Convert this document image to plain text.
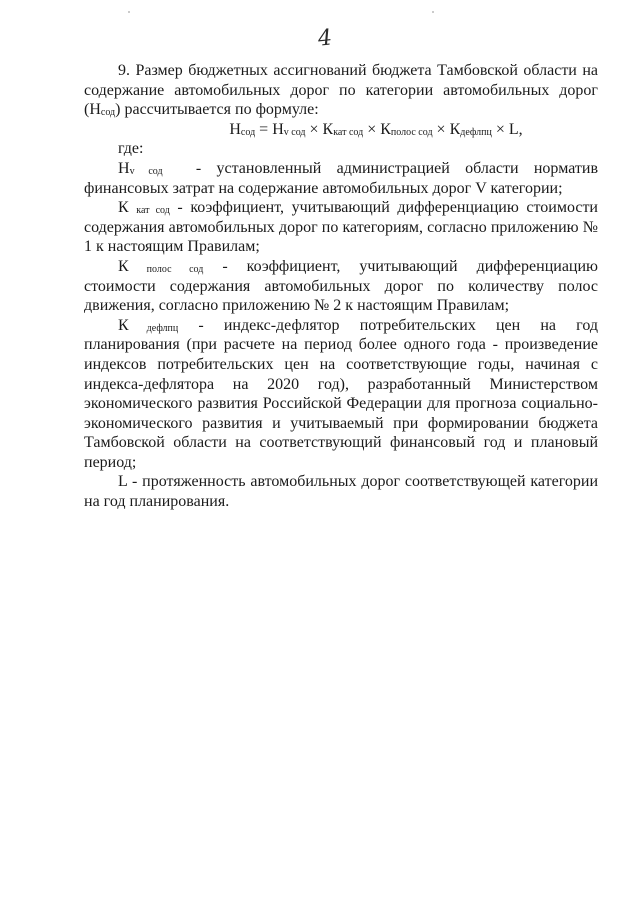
4

9. Размер бюджетных ассигнований бюджета Тамбовской области на содержание автомобильных дорог по категории автомобильных дорог $(Н_{сод})$ рассчитывается по формуле:

$Н_{сод} = Н_{v сод} \times К_{кат сод} \times К_{полос сод} \times К_{дефлпц} \times L$,

где:

$Н_{v сод}$ - установленный администрацией области норматив финансовых затрат на содержание автомобильных дорог V категории;

К $_{кат сод}$ - коэффициент, учитывающий дифференциацию стоимости содержания автомобильных дорог по категориям, согласно приложению № 1 к настоящим Правилам;

К $_{полос сод}$ - коэффициент, учитывающий дифференциацию стоимости содержания автомобильных дорог по количеству полос движения, согласно приложению № 2 к настоящим Правилам;

К $_{дефлпц}$ - индекс-дефлятор потребительских цен на год планирования (при расчете на период более одного года - произведение индексов потребительских цен на соответствующие годы, начиная с индекса-дефлятора на 2020 год), разработанный Министерством экономического развития Российской Федерации для прогноза социально-экономического развития и учитываемый при формировании бюджета Тамбовской области на соответствующий финансовый год и плановый период;

L - протяженность автомобильных дорог соответствующей категории на год планирования.
